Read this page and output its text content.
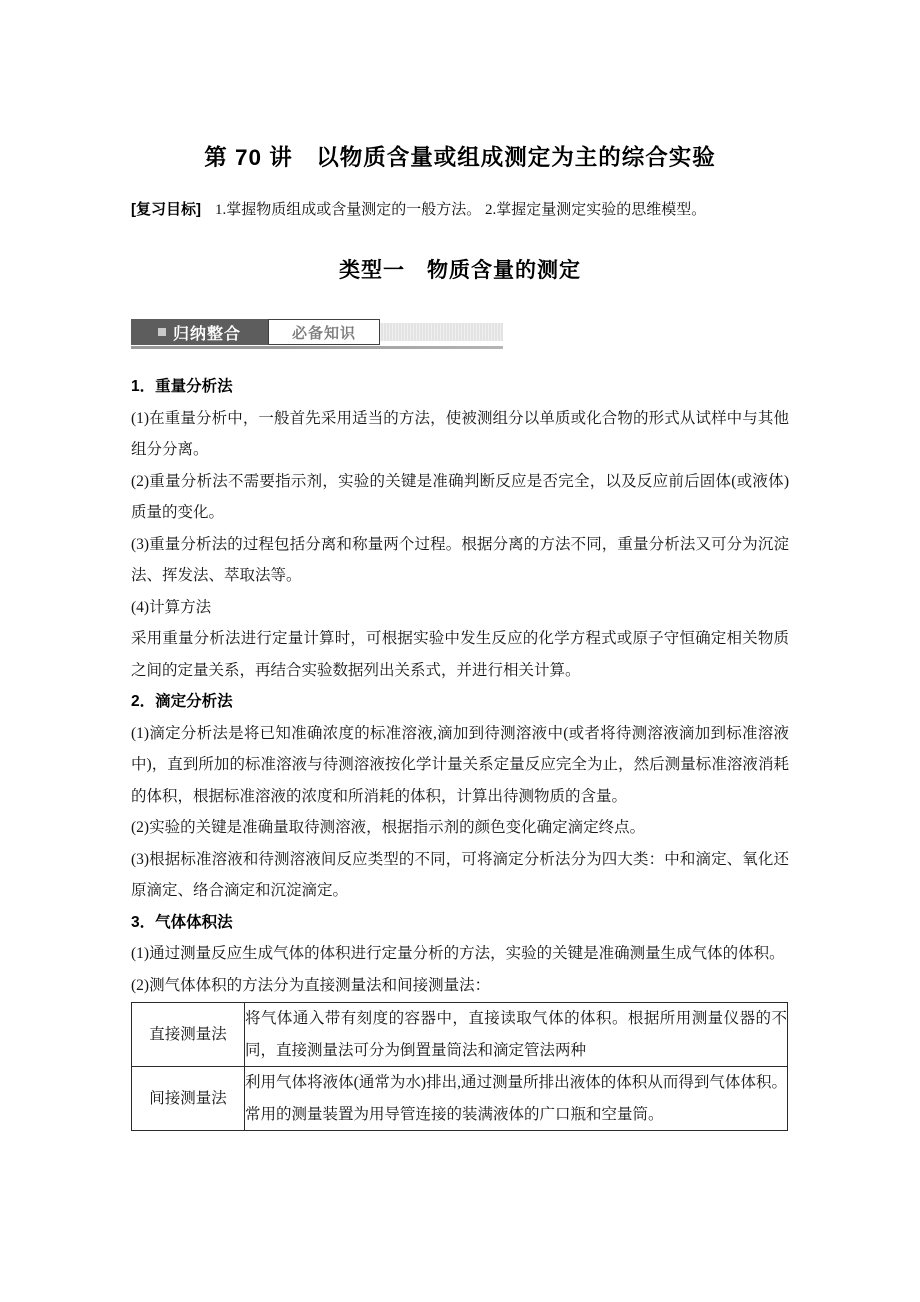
第 70 讲　以物质含量或组成测定为主的综合实验

[复习目标] 1.掌握物质组成或含量测定的一般方法。 2.掌握定量测定实验的思维模型。

类型一　物质含量的测定
归纳整合	必备知识

1．重量分析法

(1)在重量分析中，一般首先采用适当的方法，使被测组分以单质或化合物的形式从试样中与其他组分分离。

(2)重量分析法不需要指示剂，实验的关键是准确判断反应是否完全，以及反应前后固体(或液体)质量的变化。

(3)重量分析法的过程包括分离和称量两个过程。根据分离的方法不同，重量分析法又可分为沉淀法、挥发法、萃取法等。

(4)计算方法

采用重量分析法进行定量计算时，可根据实验中发生反应的化学方程式或原子守恒确定相关物质之间的定量关系，再结合实验数据列出关系式，并进行相关计算。

2．滴定分析法

(1)滴定分析法是将已知准确浓度的标准溶液,滴加到待测溶液中(或者将待测溶液滴加到标准溶液中)，直到所加的标准溶液与待测溶液按化学计量关系定量反应完全为止，然后测量标准溶液消耗的体积，根据标准溶液的浓度和所消耗的体积，计算出待测物质的含量。

(2)实验的关键是准确量取待测溶液，根据指示剂的颜色变化确定滴定终点。

(3)根据标准溶液和待测溶液间反应类型的不同，可将滴定分析法分为四大类：中和滴定、氧化还原滴定、络合滴定和沉淀滴定。

3．气体体积法

(1)通过测量反应生成气体的体积进行定量分析的方法，实验的关键是准确测量生成气体的体积。

(2)测气体体积的方法分为直接测量法和间接测量法：

直接测量法	将气体通入带有刻度的容器中，直接读取气体的体积。根据所用测量仪器的不同，直接测量法可分为倒置量筒法和滴定管法两种
间接测量法	利用气体将液体(通常为水)排出,通过测量所排出液体的体积从而得到气体体积。常用的测量装置为用导管连接的装满液体的广口瓶和空量筒。
